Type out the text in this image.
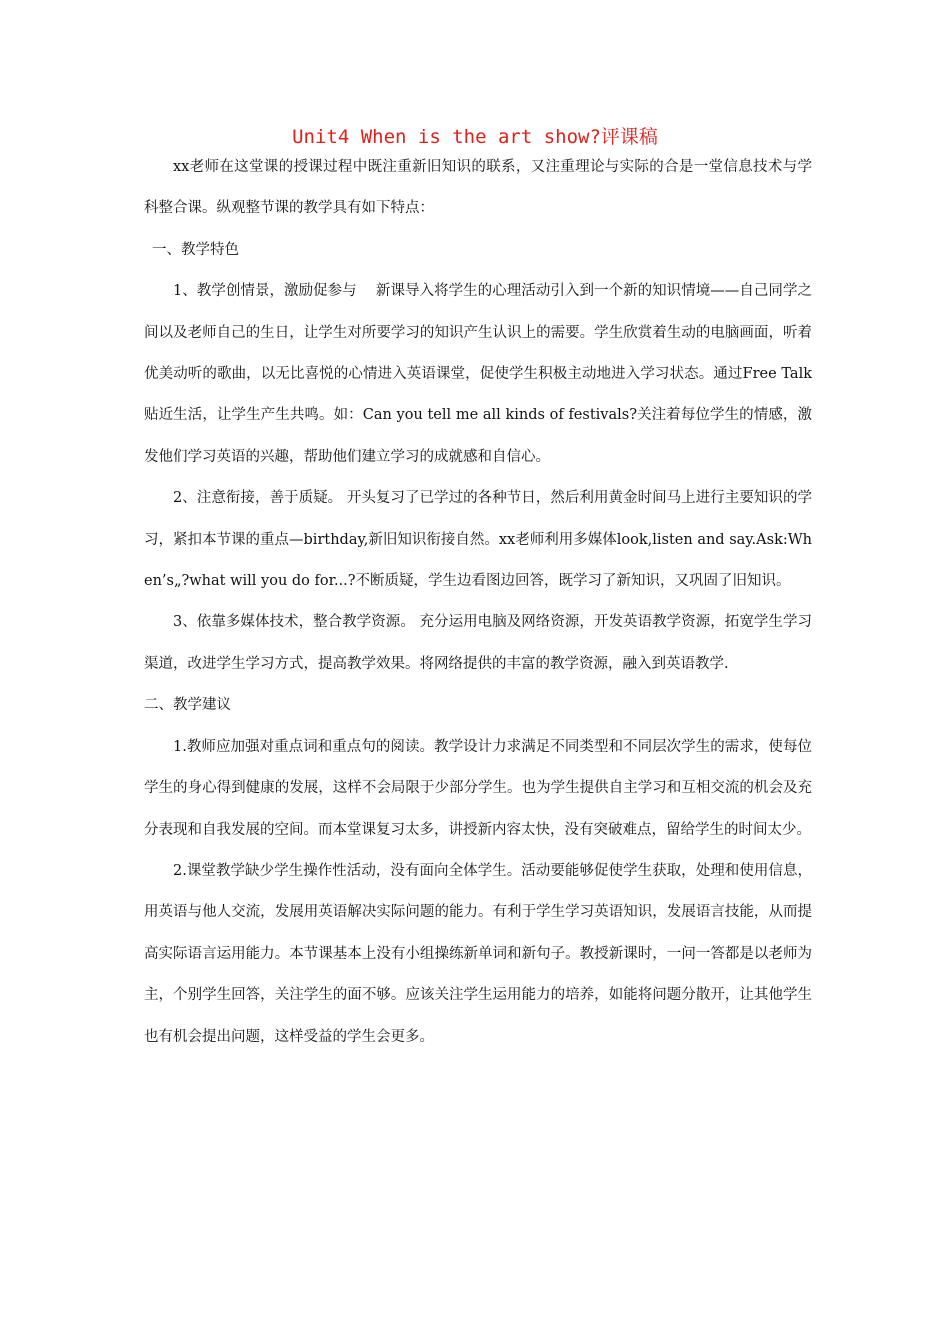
Unit4 When is the art show?评课稿

xx老师在这堂课的授课过程中既注重新旧知识的联系，又注重理论与实际的合是一堂信息技术与学科整合课。纵观整节课的教学具有如下特点：

一、教学特色

1、教学创情景，激励促参与　 新课导入将学生的心理活动引入到一个新的知识情境——自己同学之间以及老师自己的生日，让学生对所要学习的知识产生认识上的需要。学生欣赏着生动的电脑画面，听着优美动听的歌曲，以无比喜悦的心情进入英语课堂，促使学生积极主动地进入学习状态。通过Free Talk贴近生活，让学生产生共鸣。如：Can you tell me all kinds of festivals?关注着每位学生的情感，激发他们学习英语的兴趣，帮助他们建立学习的成就感和自信心。

2、注意衔接，善于质疑。 开头复习了已学过的各种节日，然后利用黄金时间马上进行主要知识的学习，紧扣本节课的重点—birthday,新旧知识衔接自然。xx老师利用多媒体look,listen and say.Ask:When’s„?what will you do for...?不断质疑，学生边看图边回答，既学习了新知识，又巩固了旧知识。

3、依靠多媒体技术，整合教学资源。 充分运用电脑及网络资源，开发英语教学资源，拓宽学生学习渠道，改进学生学习方式，提高教学效果。将网络提供的丰富的教学资源，融入到英语教学.

二、教学建议

1.教师应加强对重点词和重点句的阅读。教学设计力求满足不同类型和不同层次学生的需求，使每位学生的身心得到健康的发展，这样不会局限于少部分学生。也为学生提供自主学习和互相交流的机会及充分表现和自我发展的空间。而本堂课复习太多，讲授新内容太快，没有突破难点，留给学生的时间太少。

2.课堂教学缺少学生操作性活动，没有面向全体学生。活动要能够促使学生获取，处理和使用信息，用英语与他人交流，发展用英语解决实际问题的能力。有利于学生学习英语知识，发展语言技能，从而提高实际语言运用能力。本节课基本上没有小组操练新单词和新句子。教授新课时，一问一答都是以老师为主，个别学生回答，关注学生的面不够。应该关注学生运用能力的培养，如能将问题分散开，让其他学生也有机会提出问题，这样受益的学生会更多。
